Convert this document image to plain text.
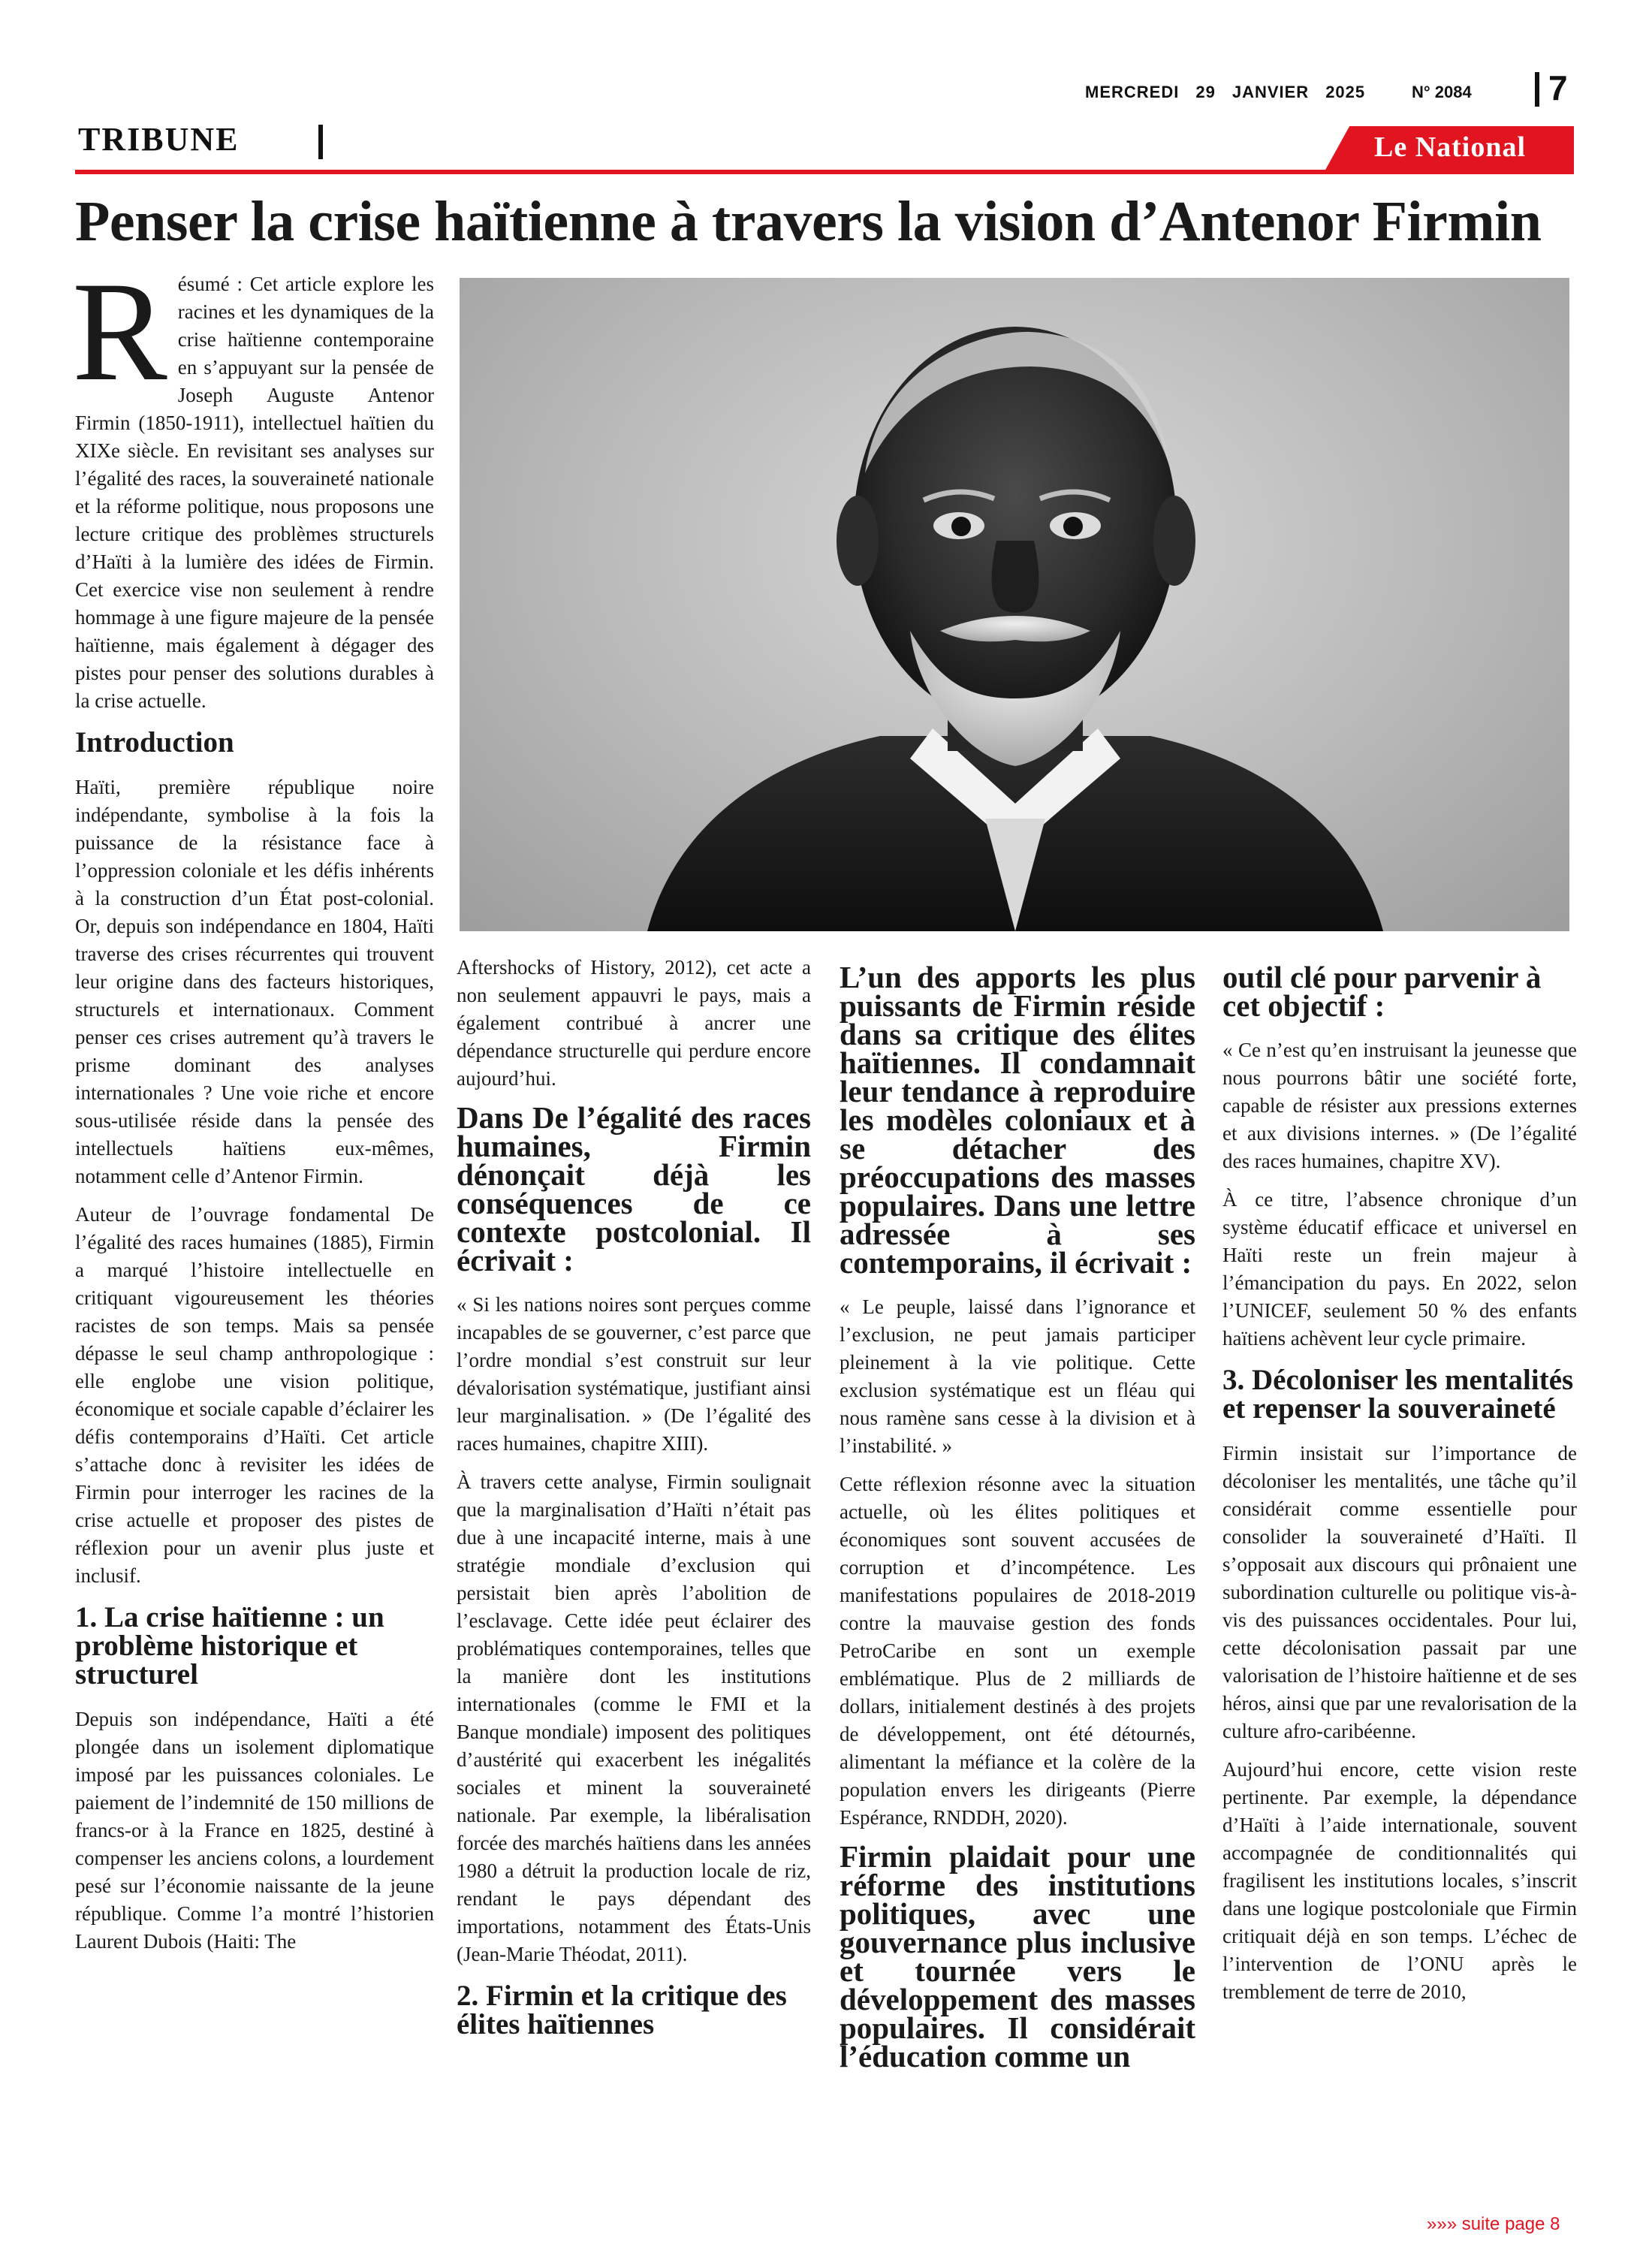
MERCREDI 29 JANVIER 2025	N° 2084 7
TRIBUNE	Le National
Penser la crise haïtienne à travers la vision d’Antenor Firmin

Résumé : Cet article explore les racines et les dynamiques de la crise haïtienne contemporaine en s’appuyant sur la pensée de Joseph Auguste Antenor Firmin (1850-1911), intellectuel haïtien du XIXe siècle. En revisitant ses analyses sur l’égalité des races, la souveraineté nationale et la réforme politique, nous proposons une lecture critique des problèmes structurels d’Haïti à la lumière des idées de Firmin. Cet exercice vise non seulement à rendre hommage à une figure majeure de la pensée haïtienne, mais également à dégager des pistes pour penser des solutions durables à la crise actuelle.

Introduction

Haïti, première république noire indépendante, symbolise à la fois la puissance de la résistance face à l’oppression coloniale et les défis inhérents à la construction d’un État post-colonial. Or, depuis son indépendance en 1804, Haïti traverse des crises récurrentes qui trouvent leur origine dans des facteurs historiques, structurels et internationaux. Comment penser ces crises autrement qu’à travers le prisme dominant des analyses internationales ? Une voie riche et encore sous-utilisée réside dans la pensée des intellectuels haïtiens eux-mêmes, notamment celle d’Antenor Firmin.

Auteur de l’ouvrage fondamental De l’égalité des races humaines (1885), Firmin a marqué l’histoire intellectuelle en critiquant vigoureusement les théories racistes de son temps. Mais sa pensée dépasse le seul champ anthropologique : elle englobe une vision politique, économique et sociale capable d’éclairer les défis contemporains d’Haïti. Cet article s’attache donc à revisiter les idées de Firmin pour interroger les racines de la crise actuelle et proposer des pistes de réflexion pour un avenir plus juste et inclusif.

1. La crise haïtienne : un problème historique et structurel

Depuis son indépendance, Haïti a été plongée dans un isolement diplomatique imposé par les puissances coloniales. Le paiement de l’indemnité de 150 millions de francs-or à la France en 1825, destiné à compenser les anciens colons, a lourdement pesé sur l’économie naissante de la jeune république. Comme l’a montré l’historien Laurent Dubois (Haiti: The

Aftershocks of History, 2012), cet acte a non seulement appauvri le pays, mais a également contribué à ancrer une dépendance structurelle qui perdure encore aujourd’hui.

Dans De l’égalité des races humaines, Firmin dénonçait déjà les conséquences de ce contexte postcolonial. Il écrivait :

« Si les nations noires sont perçues comme incapables de se gouverner, c’est parce que l’ordre mondial s’est construit sur leur dévalorisation systématique, justifiant ainsi leur marginalisation. » (De l’égalité des races humaines, chapitre XIII).

À travers cette analyse, Firmin soulignait que la marginalisation d’Haïti n’était pas due à une incapacité interne, mais à une stratégie mondiale d’exclusion qui persistait bien après l’abolition de l’esclavage. Cette idée peut éclairer des problématiques contemporaines, telles que la manière dont les institutions internationales (comme le FMI et la Banque mondiale) imposent des politiques d’austérité qui exacerbent les inégalités sociales et minent la souveraineté nationale. Par exemple, la libéralisation forcée des marchés haïtiens dans les années 1980 a détruit la production locale de riz, rendant le pays dépendant des importations, notamment des États-Unis (Jean-Marie Théodat, 2011).

2. Firmin et la critique des élites haïtiennes
L’un des apports les plus puissants de Firmin réside dans sa critique des élites haïtiennes. Il condamnait leur tendance à reproduire les modèles coloniaux et à se détacher des préoccupations des masses populaires. Dans une lettre adressée à ses contemporains, il écrivait :

« Le peuple, laissé dans l’ignorance et l’exclusion, ne peut jamais participer pleinement à la vie politique. Cette exclusion systématique est un fléau qui nous ramène sans cesse à la division et à l’instabilité. »

Cette réflexion résonne avec la situation actuelle, où les élites politiques et économiques sont souvent accusées de corruption et d’incompétence. Les manifestations populaires de 2018-2019 contre la mauvaise gestion des fonds PetroCaribe en sont un exemple emblématique. Plus de 2 milliards de dollars, initialement destinés à des projets de développement, ont été détournés, alimentant la méfiance et la colère de la population envers les dirigeants (Pierre Espérance, RNDDH, 2020).

Firmin plaidait pour une réforme des institutions politiques, avec une gouvernance plus inclusive et tournée vers le développement des masses populaires. Il considérait l’éducation comme un
outil clé pour parvenir à cet objectif :

« Ce n’est qu’en instruisant la jeunesse que nous pourrons bâtir une société forte, capable de résister aux pressions externes et aux divisions internes. » (De l’égalité des races humaines, chapitre XV).

À ce titre, l’absence chronique d’un système éducatif efficace et universel en Haïti reste un frein majeur à l’émancipation du pays. En 2022, selon l’UNICEF, seulement 50 % des enfants haïtiens achèvent leur cycle primaire.

3. Décoloniser les mentalités et repenser la souveraineté

Firmin insistait sur l’importance de décoloniser les mentalités, une tâche qu’il considérait comme essentielle pour consolider la souveraineté d’Haïti. Il s’opposait aux discours qui prônaient une subordination culturelle ou politique vis-à-vis des puissances occidentales. Pour lui, cette décolonisation passait par une valorisation de l’histoire haïtienne et de ses héros, ainsi que par une revalorisation de la culture afro-caribéenne.

Aujourd’hui encore, cette vision reste pertinente. Par exemple, la dépendance d’Haïti à l’aide internationale, souvent accompagnée de conditionnalités qui fragilisent les institutions locales, s’inscrit dans une logique postcoloniale que Firmin critiquait déjà en son temps. L’échec de l’intervention de l’ONU après le tremblement de terre de 2010,

»»» suite page 8
